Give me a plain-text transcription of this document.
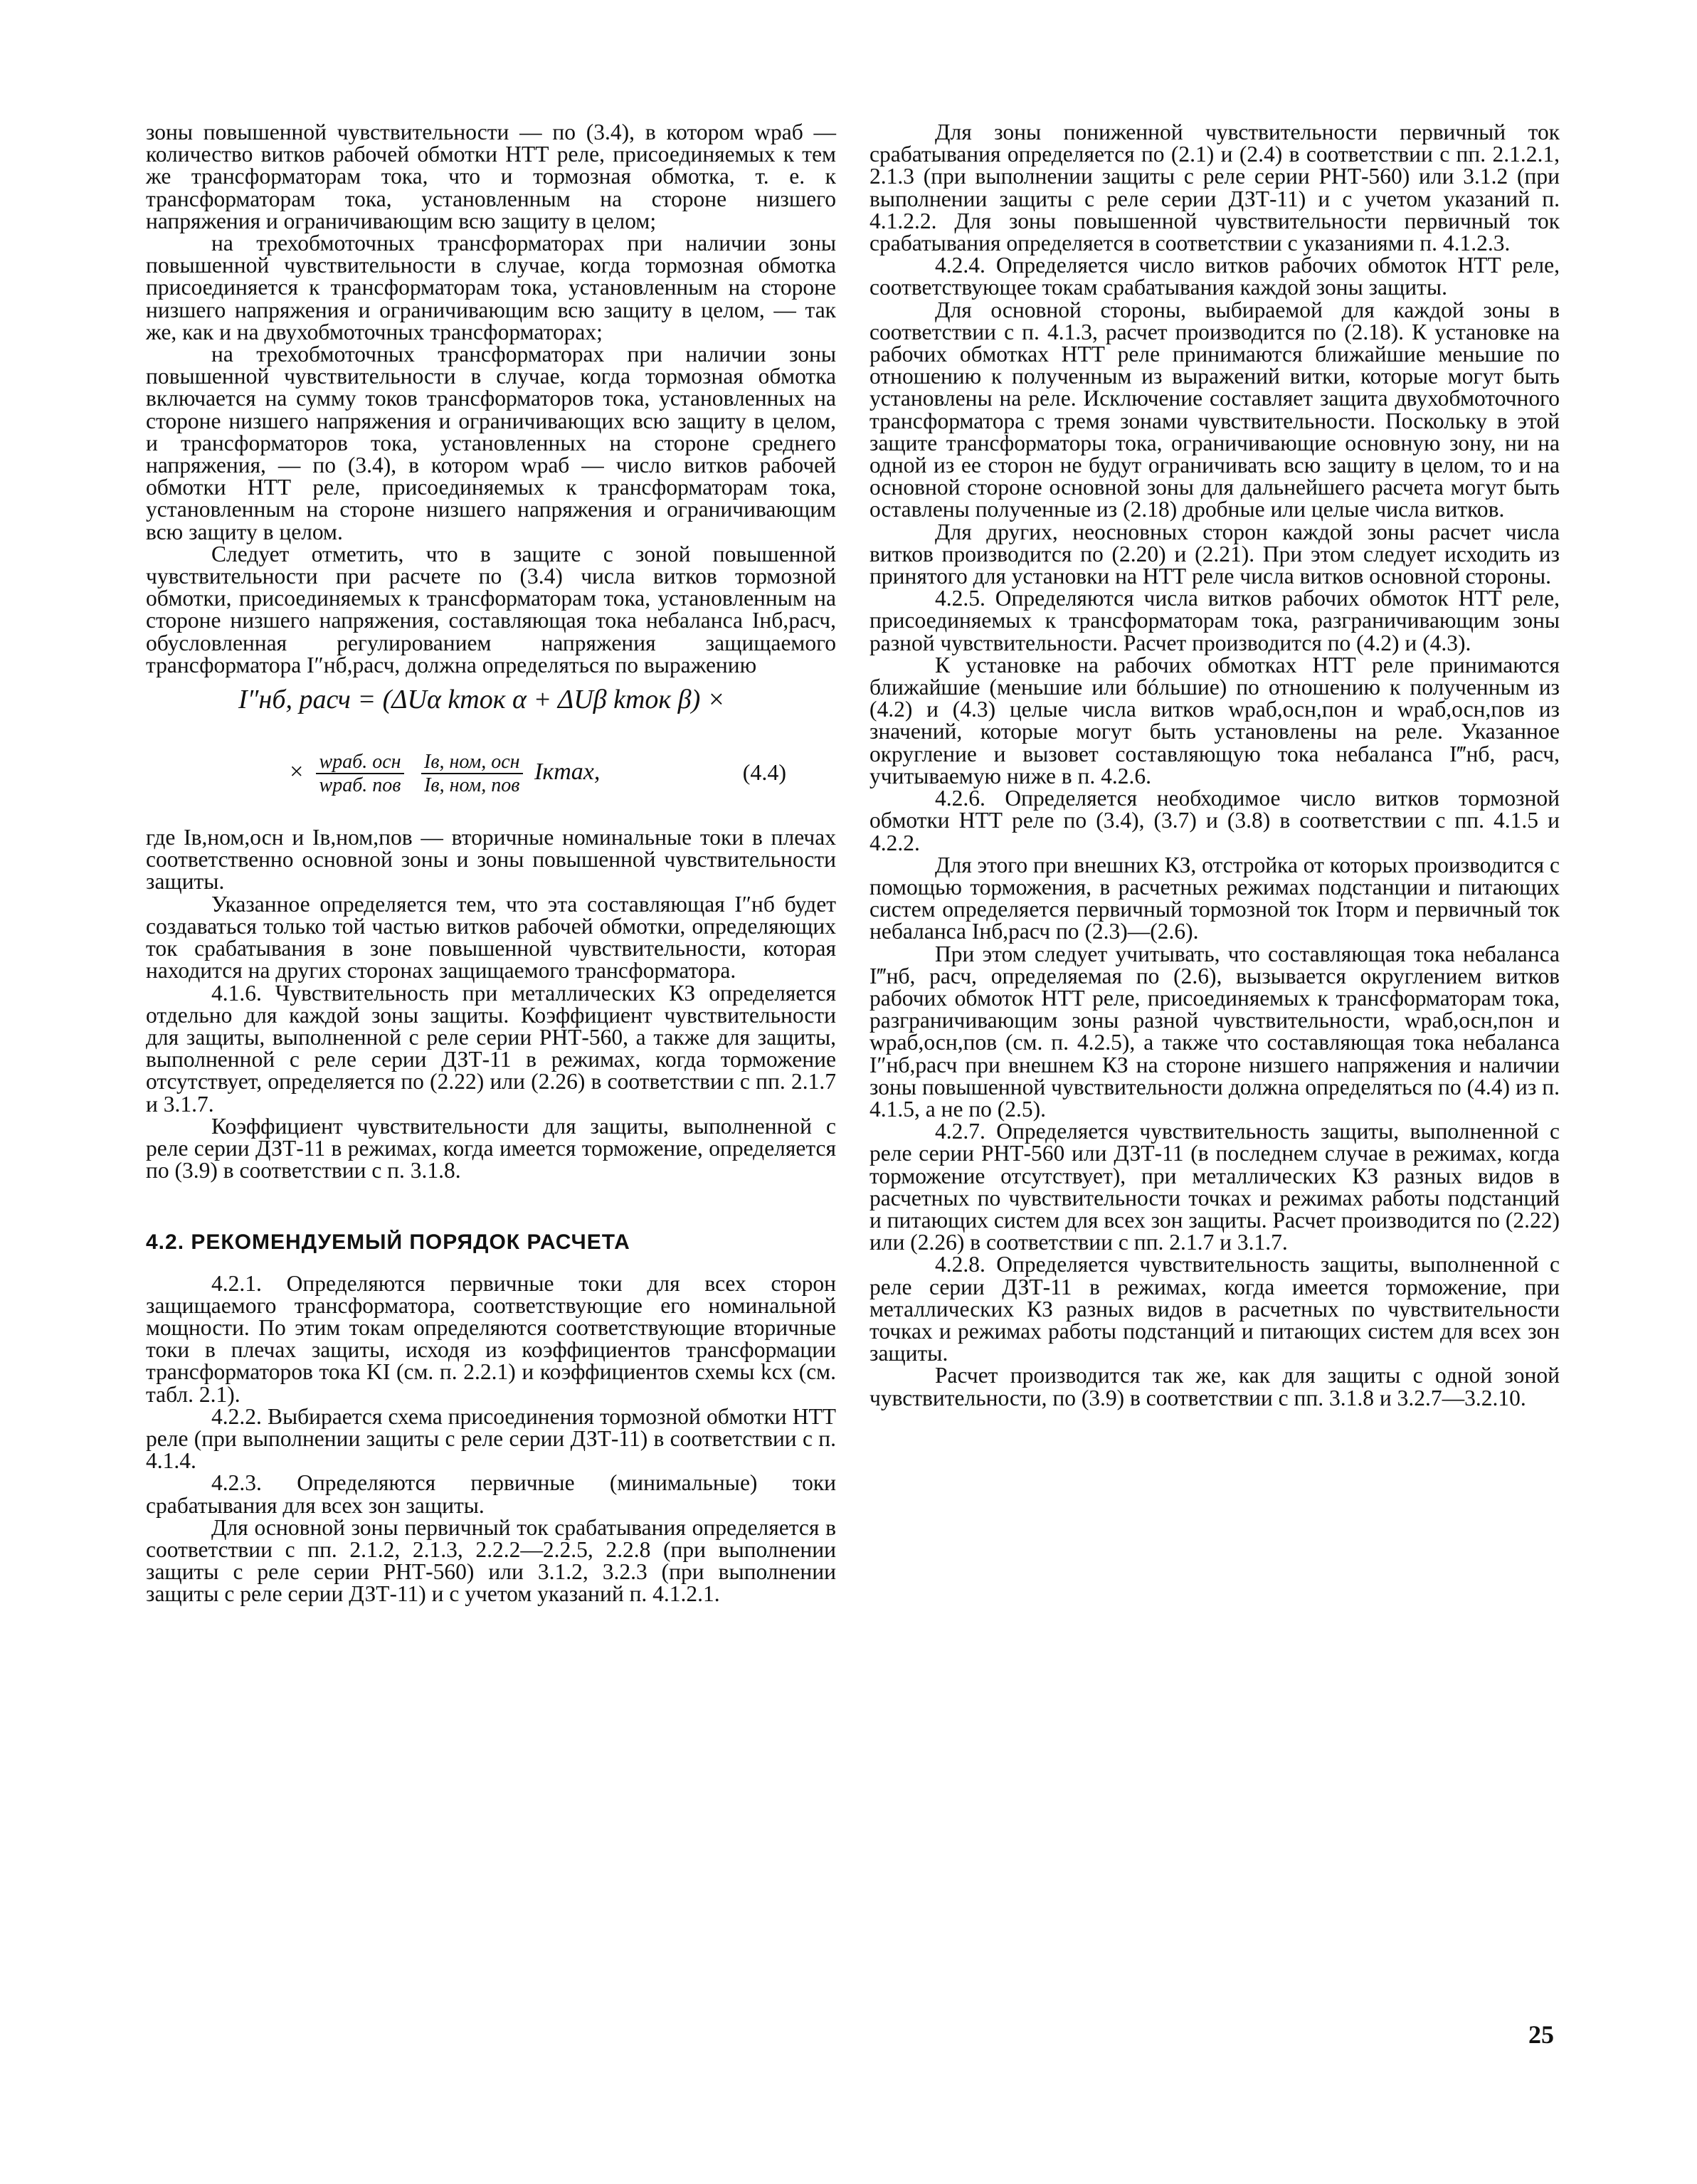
зоны повышенной чувствительности — по (3.4), в котором wраб — количество витков рабочей обмотки НТТ реле, присоединяемых к тем же трансформаторам тока, что и тормозная обмотка, т. е. к трансформаторам тока, установленным на стороне низшего напряжения и ограничивающим всю защиту в целом;

на трехобмоточных трансформаторах при наличии зоны повышенной чувствительности в случае, когда тормозная обмотка присоединяется к трансформаторам тока, установленным на стороне низшего напряжения и ограничивающим всю защиту в целом, — так же, как и на двухобмоточных трансформаторах;

на трехобмоточных трансформаторах при наличии зоны повышенной чувствительности в случае, когда тормозная обмотка включается на сумму токов трансформаторов тока, установленных на стороне низшего напряжения и ограничивающих всю защиту в целом, и трансформаторов тока, установленных на стороне среднего напряжения, — по (3.4), в котором wраб — число витков рабочей обмотки НТТ реле, присоединяемых к трансформаторам тока, установленным на стороне низшего напряжения и ограничивающим всю защиту в целом.

Следует отметить, что в защите с зоной повышенной чувствительности при расчете по (3.4) числа витков тормозной обмотки, присоединяемых к трансформаторам тока, установленным на стороне низшего напряжения, составляющая тока небаланса Iнб,расч, обусловленная регулированием напряжения защищаемого трансформатора I″нб,расч, должна определяться по выражению

I″нб, расч = (ΔUα kток α + ΔUβ kток β) ×
× $\frac{\text{wраб. осн}}{\text{wраб. пов}}$
$\frac{\text{Iв, ном, осн}}{\text{Iв, ном, пов}} Iк\max$,	(4.4)

где Iв,ном,осн и Iв,ном,пов — вторичные номинальные токи в плечах соответственно основной зоны и зоны повышенной чувствительности защиты.

Указанное определяется тем, что эта составляющая I″нб будет создаваться только той частью витков рабочей обмотки, определяющих ток срабатывания в зоне повышенной чувствительности, которая находится на других сторонах защищаемого трансформатора.

4.1.6. Чувствительность при металлических КЗ определяется отдельно для каждой зоны защиты. Коэффициент чувствительности для защиты, выполненной с реле серии РНТ-560, а также для защиты, выполненной с реле серии ДЗТ-11 в режимах, когда торможение отсутствует, определяется по (2.22) или (2.26) в соответствии с пп. 2.1.7 и 3.1.7.

Коэффициент чувствительности для защиты, выполненной с реле серии ДЗТ-11 в режимах, когда имеется торможение, определяется по (3.9) в соответствии с п. 3.1.8.

4.2. РЕКОМЕНДУЕМЫЙ ПОРЯДОК РАСЧЕТА

4.2.1. Определяются первичные токи для всех сторон защищаемого трансформатора, соответствующие его номинальной мощности. По этим токам определяются соответствующие вторичные токи в плечах защиты, исходя из коэффициентов трансформации трансформаторов тока KI (см. п. 2.2.1) и коэффициентов схемы kсх (см. табл. 2.1).

4.2.2. Выбирается схема присоединения тормозной обмотки НТТ реле (при выполнении защиты с реле серии ДЗТ-11) в соответствии с п. 4.1.4.

4.2.3. Определяются первичные (минимальные) токи срабатывания для всех зон защиты.

Для основной зоны первичный ток срабатывания определяется в соответствии с пп. 2.1.2, 2.1.3, 2.2.2—2.2.5, 2.2.8 (при выполнении защиты с реле серии РНТ-560) или 3.1.2, 3.2.3 (при выполнении защиты с реле серии ДЗТ-11) и с учетом указаний п. 4.1.2.1.

Для зоны пониженной чувствительности первичный ток срабатывания определяется по (2.1) и (2.4) в соответствии с пп. 2.1.2.1, 2.1.3 (при выполнении защиты с реле серии РНТ-560) или 3.1.2 (при выполнении защиты с реле серии ДЗТ-11) и с учетом указаний п. 4.1.2.2. Для зоны повышенной чувствительности первичный ток срабатывания определяется в соответствии с указаниями п. 4.1.2.3.

4.2.4. Определяется число витков рабочих обмоток НТТ реле, соответствующее токам срабатывания каждой зоны защиты.

Для основной стороны, выбираемой для каждой зоны в соответствии с п. 4.1.3, расчет производится по (2.18). К установке на рабочих обмотках НТТ реле принимаются ближайшие меньшие по отношению к полученным из выражений витки, которые могут быть установлены на реле. Исключение составляет защита двухобмоточного трансформатора с тремя зонами чувствительности. Поскольку в этой защите трансформаторы тока, ограничивающие основную зону, ни на одной из ее сторон не будут ограничивать всю защиту в целом, то и на основной стороне основной зоны для дальнейшего расчета могут быть оставлены полученные из (2.18) дробные или целые числа витков.

Для других, неосновных сторон каждой зоны расчет числа витков производится по (2.20) и (2.21). При этом следует исходить из принятого для установки на НТТ реле числа витков основной стороны.

4.2.5. Определяются числа витков рабочих обмоток НТТ реле, присоединяемых к трансформаторам тока, разграничивающим зоны разной чувствительности. Расчет производится по (4.2) и (4.3).

К установке на рабочих обмотках НТТ реле принимаются ближайшие (меньшие или бóльшие) по отношению к полученным из (4.2) и (4.3) целые числа витков wраб,осн,пон и wраб,осн,пов из значений, которые могут быть установлены на реле. Указанное округление и вызовет составляющую тока небаланса I‴нб, расч, учитываемую ниже в п. 4.2.6.

4.2.6. Определяется необходимое число витков тормозной обмотки НТТ реле по (3.4), (3.7) и (3.8) в соответствии с пп. 4.1.5 и 4.2.2.

Для этого при внешних КЗ, отстройка от которых производится с помощью торможения, в расчетных режимах подстанции и питающих систем определяется первичный тормозной ток Iторм и первичный ток небаланса Iнб,расч по (2.3)—(2.6).

При этом следует учитывать, что составляющая тока небаланса I‴нб, расч, определяемая по (2.6), вызывается округлением витков рабочих обмоток НТТ реле, присоединяемых к трансформаторам тока, разграничивающим зоны разной чувствительности, wраб,осн,пон и wраб,осн,пов (см. п. 4.2.5), а также что составляющая тока небаланса I″нб,расч при внешнем КЗ на стороне низшего напряжения и наличии зоны повышенной чувствительности должна определяться по (4.4) из п. 4.1.5, а не по (2.5).

4.2.7. Определяется чувствительность защиты, выполненной с реле серии РНТ-560 или ДЗТ-11 (в последнем случае в режимах, когда торможение отсутствует), при металлических КЗ разных видов в расчетных по чувствительности точках и режимах работы подстанций и питающих систем для всех зон защиты. Расчет производится по (2.22) или (2.26) в соответствии с пп. 2.1.7 и 3.1.7.

4.2.8. Определяется чувствительность защиты, выполненной с реле серии ДЗТ-11 в режимах, когда имеется торможение, при металлических КЗ разных видов в расчетных по чувствительности точках и режимах работы подстанций и питающих систем для всех зон защиты.

Расчет производится так же, как для защиты с одной зоной чувствительности, по (3.9) в соответствии с пп. 3.1.8 и 3.2.7—3.2.10.

25
